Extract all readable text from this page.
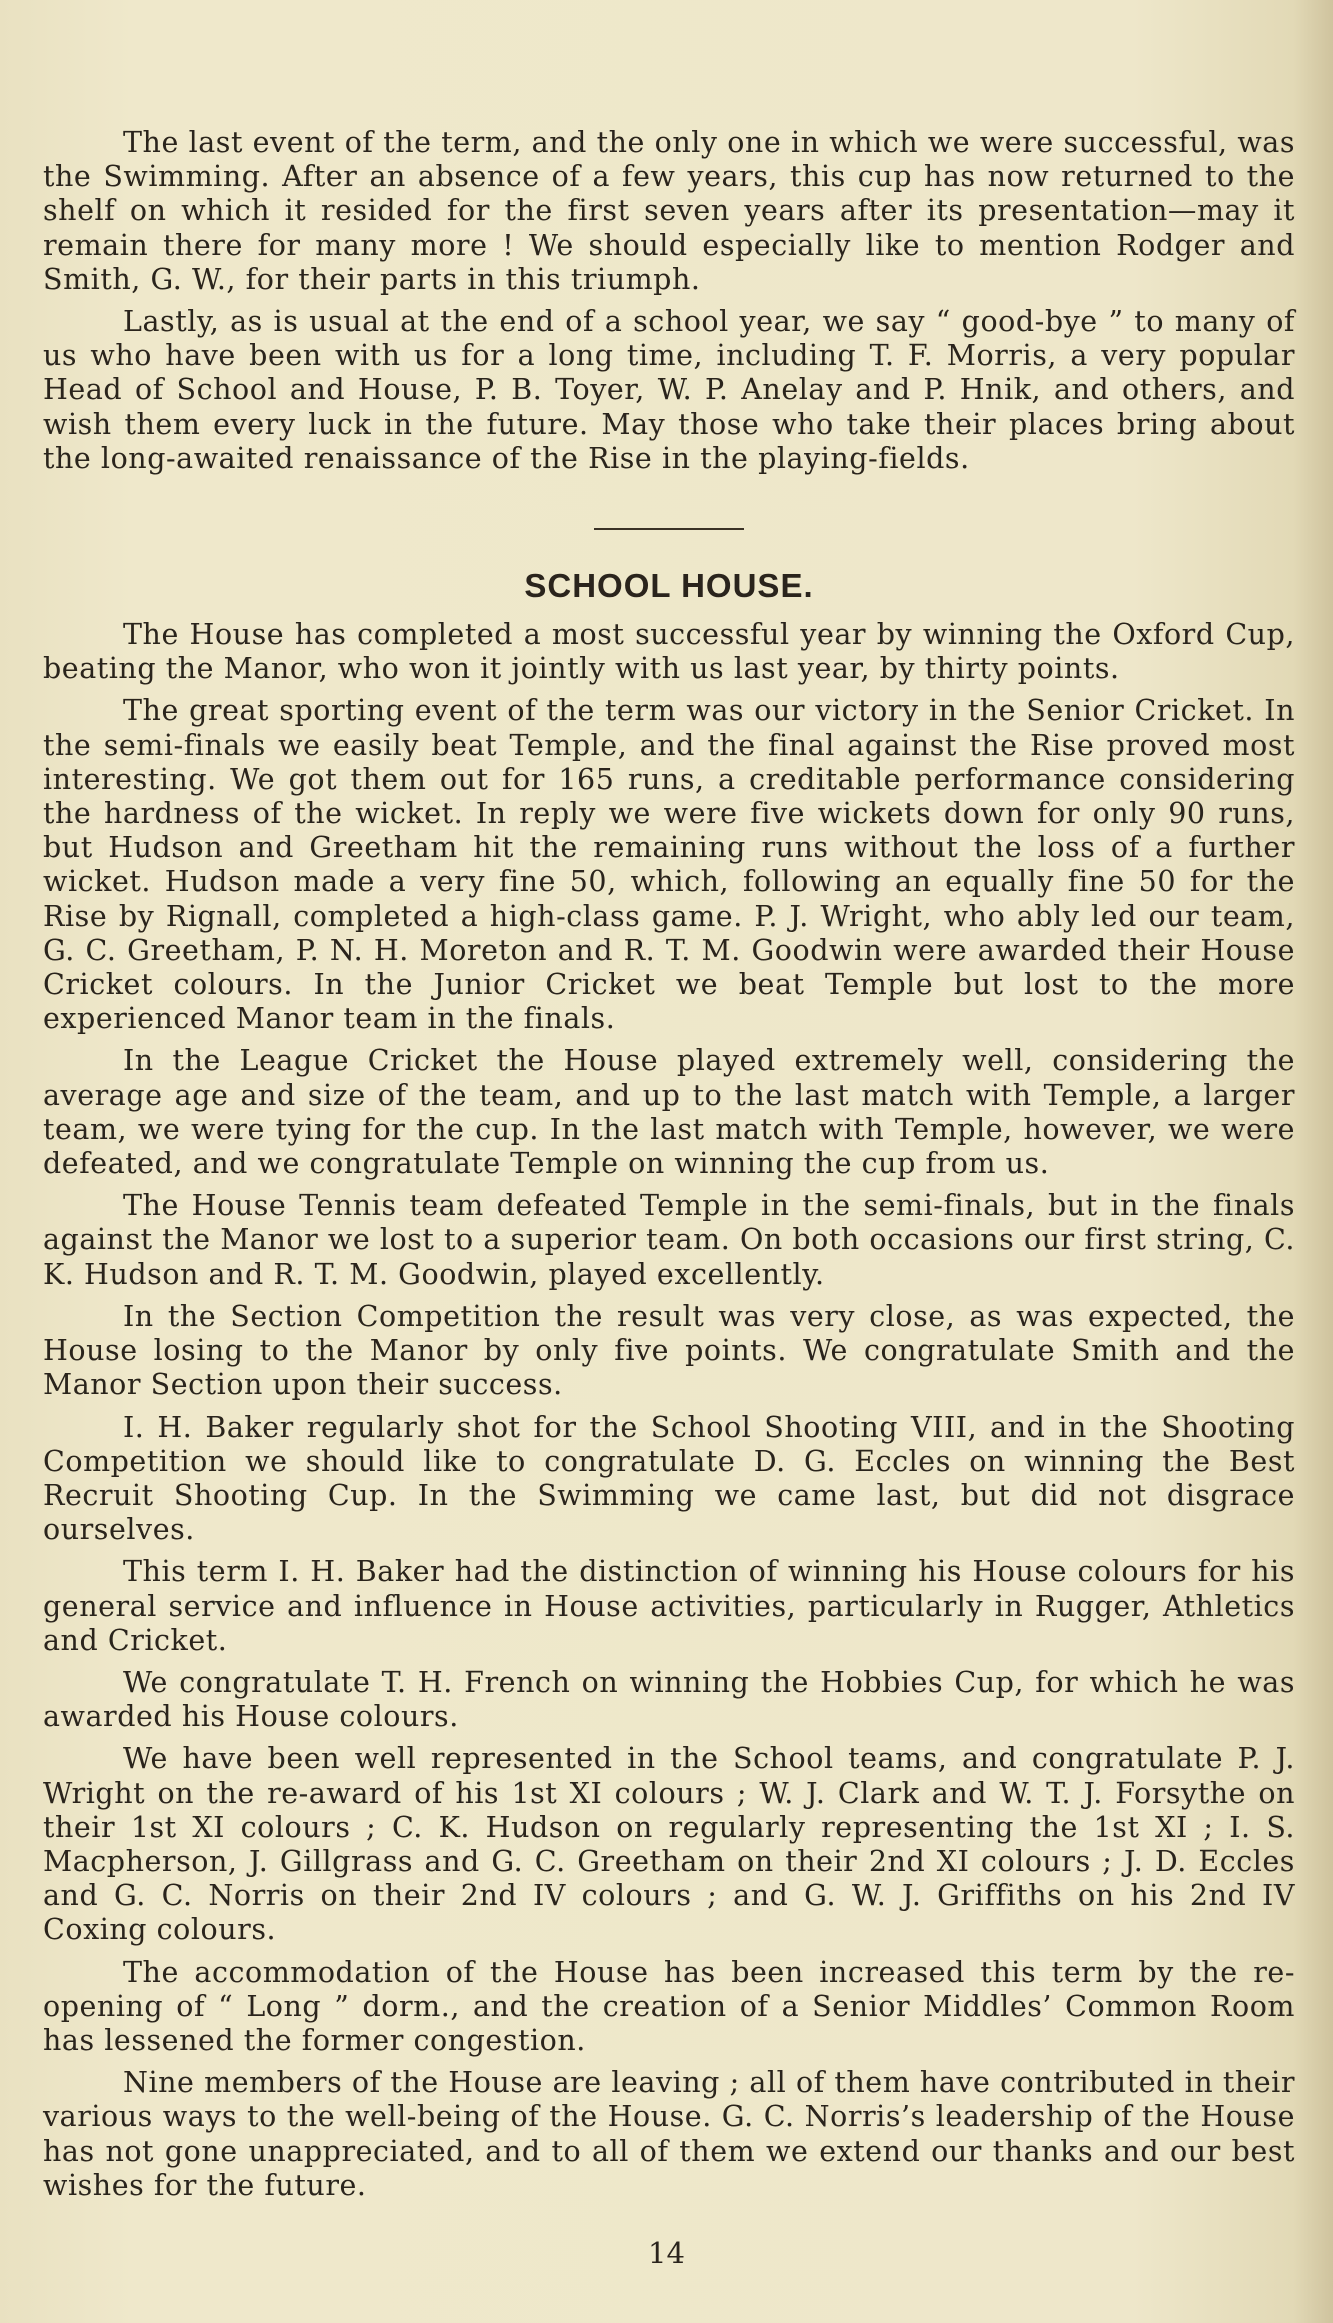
The last event of the term, and the only one in which we were successful, was the Swimming. After an absence of a few years, this cup has now returned to the shelf on which it resided for the first seven years after its presentation—may it remain there for many more ! We should especially like to mention Rodger and Smith, G. W., for their parts in this triumph.

Lastly, as is usual at the end of a school year, we say “ good-bye ” to many of us who have been with us for a long time, including T. F. Morris, a very popular Head of School and House, P. B. Toyer, W. P. Anelay and P. Hnik, and others, and wish them every luck in the future. May those who take their places bring about the long-awaited renaissance of the Rise in the playing-fields.

SCHOOL HOUSE.

The House has completed a most successful year by winning the Oxford Cup, beating the Manor, who won it jointly with us last year, by thirty points.

The great sporting event of the term was our victory in the Senior Cricket. In the semi-finals we easily beat Temple, and the final against the Rise proved most interesting. We got them out for 165 runs, a creditable performance considering the hardness of the wicket. In reply we were five wickets down for only 90 runs, but Hudson and Greetham hit the remaining runs without the loss of a further wicket. Hudson made a very fine 50, which, following an equally fine 50 for the Rise by Rignall, completed a high-class game. P. J. Wright, who ably led our team, G. C. Greetham, P. N. H. Moreton and R. T. M. Goodwin were awarded their House Cricket colours. In the Junior Cricket we beat Temple but lost to the more experienced Manor team in the finals.

In the League Cricket the House played extremely well, considering the average age and size of the team, and up to the last match with Temple, a larger team, we were tying for the cup. In the last match with Temple, however, we were defeated, and we congratulate Temple on winning the cup from us.

The House Tennis team defeated Temple in the semi-finals, but in the finals against the Manor we lost to a superior team. On both occasions our first string, C. K. Hudson and R. T. M. Goodwin, played excellently.

In the Section Competition the result was very close, as was expected, the House losing to the Manor by only five points. We congratulate Smith and the Manor Section upon their success.

I. H. Baker regularly shot for the School Shooting VIII, and in the Shooting Competition we should like to congratulate D. G. Eccles on winning the Best Recruit Shooting Cup. In the Swimming we came last, but did not disgrace ourselves.

This term I. H. Baker had the distinction of winning his House colours for his general service and influence in House activities, particularly in Rugger, Athletics and Cricket.

We congratulate T. H. French on winning the Hobbies Cup, for which he was awarded his House colours.

We have been well represented in the School teams, and congratulate P. J. Wright on the re-award of his 1st XI colours ; W. J. Clark and W. T. J. Forsythe on their 1st XI colours ; C. K. Hudson on regularly representing the 1st XI ; I. S. Macpherson, J. Gillgrass and G. C. Greetham on their 2nd XI colours ; J. D. Eccles and G. C. Norris on their 2nd IV colours ; and G. W. J. Griffiths on his 2nd IV Coxing colours.

The accommodation of the House has been increased this term by the re-opening of “ Long ” dorm., and the creation of a Senior Middles’ Common Room has lessened the former congestion.

Nine members of the House are leaving ; all of them have contributed in their various ways to the well-being of the House. G. C. Norris’s leadership of the House has not gone unappreciated, and to all of them we extend our thanks and our best wishes for the future.

14
